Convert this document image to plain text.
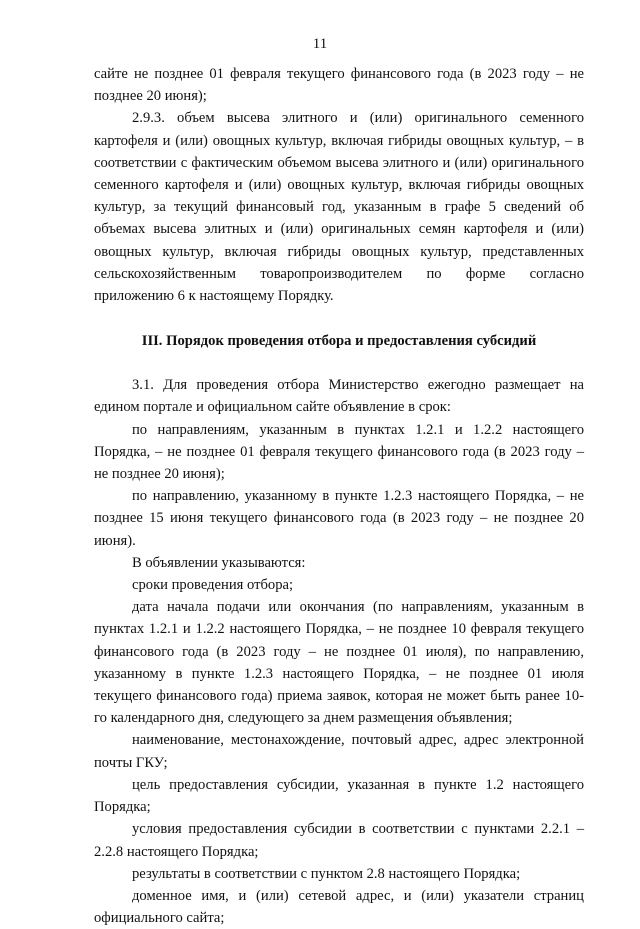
11

сайте не позднее 01 февраля текущего финансового года (в 2023 году – не позднее 20 июня);

2.9.3. объем высева элитного и (или) оригинального семенного картофеля и (или) овощных культур, включая гибриды овощных культур, – в соответствии с фактическим объемом высева элитного и (или) оригинального семенного картофеля и (или) овощных культур, включая гибриды овощных культур, за текущий финансовый год, указанным в графе 5 сведений об объемах высева элитных и (или) оригинальных семян картофеля и (или) овощных культур, включая гибриды овощных культур, представленных сельскохозяйственным товаропроизводителем по форме согласно приложению 6 к настоящему Порядку.

III. Порядок проведения отбора и предоставления субсидий

3.1. Для проведения отбора Министерство ежегодно размещает на едином портале и официальном сайте объявление в срок:

по направлениям, указанным в пунктах 1.2.1 и 1.2.2 настоящего Порядка, – не позднее 01 февраля текущего финансового года (в 2023 году – не позднее 20 июня);

по направлению, указанному в пункте 1.2.3 настоящего Порядка, – не позднее 15 июня текущего финансового года (в 2023 году – не позднее 20 июня).

В объявлении указываются:

сроки проведения отбора;

дата начала подачи или окончания (по направлениям, указанным в пунктах 1.2.1 и 1.2.2 настоящего Порядка, – не позднее 10 февраля текущего финансового года (в 2023 году – не позднее 01 июля), по направлению, указанному в пункте 1.2.3 настоящего Порядка, – не позднее 01 июля текущего финансового года) приема заявок, которая не может быть ранее 10-го календарного дня, следующего за днем размещения объявления;

наименование, местонахождение, почтовый адрес, адрес электронной почты ГКУ;

цель предоставления субсидии, указанная в пункте 1.2 настоящего Порядка;

условия предоставления субсидии в соответствии с пунктами 2.2.1 – 2.2.8 настоящего Порядка;

результаты в соответствии с пунктом 2.8 настоящего Порядка;

доменное имя, и (или) сетевой адрес, и (или) указатели страниц официального сайта;
